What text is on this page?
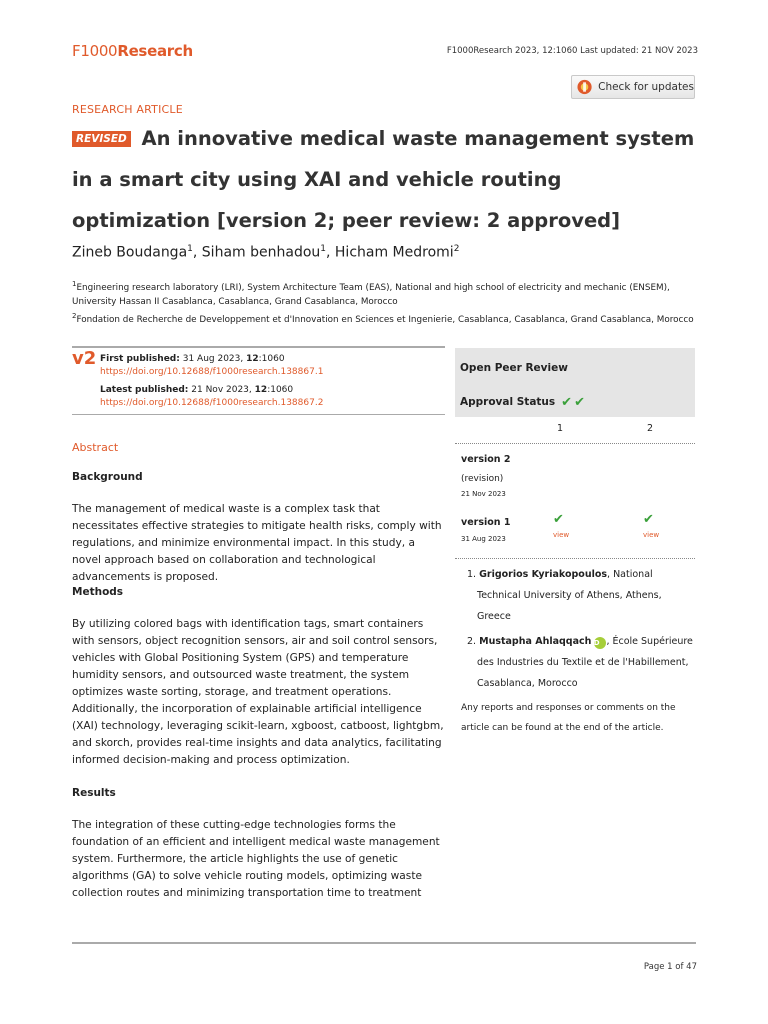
F1000Research	F1000Research 2023, 12:1060 Last updated: 21 NOV 2023
Check for updates
RESEARCH ARTICLE
REVISED An innovative medical waste management system in a smart city using XAI and vehicle routing optimization [version 2; peer review: 2 approved]
Zineb Boudanga$^1$, Siham benhadou$^1$, Hicham Medromi$^2$
$^1$Engineering research laboratory (LRI), System Architecture Team (EAS), National and high school of electricity and mechanic (ENSEM), University Hassan II Casablanca, Casablanca, Grand Casablanca, Morocco
$^2$Fondation de Recherche de Developpement et d'Innovation en Sciences et Ingenierie, Casablanca, Casablanca, Grand Casablanca, Morocco
v2 First published: 31 Aug 2023, 12:1060
https://doi.org/10.12688/f1000research.138867.1
Latest published: 21 Nov 2023, 12:1060
https://doi.org/10.12688/f1000research.138867.2
Abstract
Background
The management of medical waste is a complex task that necessitates effective strategies to mitigate health risks, comply with regulations, and minimize environmental impact. In this study, a novel approach based on collaboration and technological advancements is proposed.
Methods
By utilizing colored bags with identification tags, smart containers with sensors, object recognition sensors, air and soil control sensors, vehicles with Global Positioning System (GPS) and temperature humidity sensors, and outsourced waste treatment, the system optimizes waste sorting, storage, and treatment operations. Additionally, the incorporation of explainable artificial intelligence (XAI) technology, leveraging scikit-learn, xgboost, catboost, lightgbm, and skorch, provides real-time insights and data analytics, facilitating informed decision-making and process optimization.
Results
The integration of these cutting-edge technologies forms the foundation of an efficient and intelligent medical waste management system. Furthermore, the article highlights the use of genetic algorithms (GA) to solve vehicle routing models, optimizing waste collection routes and minimizing transportation time to treatment
Open Peer Review
Approval Status ✔ ✔
1	2
version 2
(revision)
21 Nov 2023
version 1
31 Aug 2023
✔
view
✔
view
1. Grigorios Kyriakopoulos, National Technical University of Athens, Athens, Greece
2. Mustapha Ahlaqqach iD , École Supérieure des Industries du Textile et de l'Habillement, Casablanca, Morocco
Any reports and responses or comments on the article can be found at the end of the article.
Page 1 of 47
